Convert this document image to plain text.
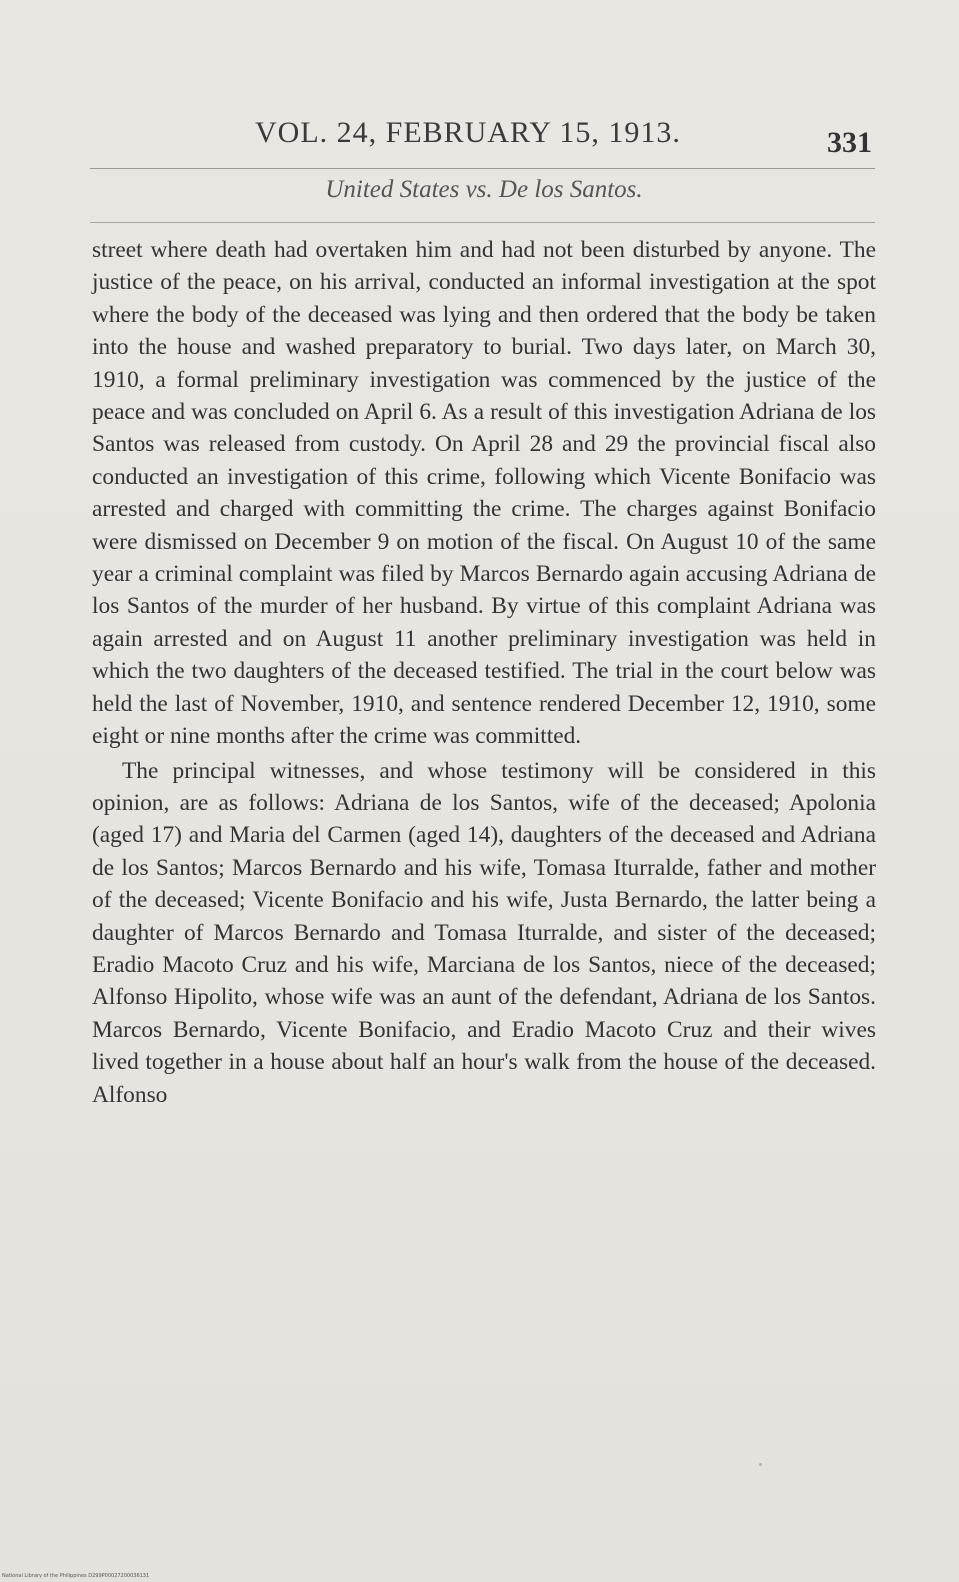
VOL. 24, FEBRUARY 15, 1913.	331
United States vs. De los Santos.

street where death had overtaken him and had not been disturbed by anyone. The justice of the peace, on his arrival, conducted an informal investigation at the spot where the body of the deceased was lying and then ordered that the body be taken into the house and washed preparatory to burial. Two days later, on March 30, 1910, a formal preliminary investigation was commenced by the justice of the peace and was concluded on April 6. As a result of this investigation Adriana de los Santos was released from custody. On April 28 and 29 the provincial fiscal also conducted an investigation of this crime, following which Vicente Bonifacio was arrested and charged with committing the crime. The charges against Bonifacio were dismissed on December 9 on motion of the fiscal. On August 10 of the same year a criminal complaint was filed by Marcos Bernardo again accusing Adriana de los Santos of the murder of her husband. By virtue of this complaint Adriana was again arrested and on August 11 another preliminary investigation was held in which the two daughters of the deceased testified. The trial in the court below was held the last of November, 1910, and sentence rendered December 12, 1910, some eight or nine months after the crime was committed.

The principal witnesses, and whose testimony will be considered in this opinion, are as follows: Adriana de los Santos, wife of the deceased; Apolonia (aged 17) and Maria del Carmen (aged 14), daughters of the deceased and Adriana de los Santos; Marcos Bernardo and his wife, Tomasa Iturralde, father and mother of the deceased; Vicente Bonifacio and his wife, Justa Bernardo, the latter being a daughter of Marcos Bernardo and Tomasa Iturralde, and sister of the deceased; Eradio Macoto Cruz and his wife, Marciana de los Santos, niece of the deceased; Alfonso Hipolito, whose wife was an aunt of the defendant, Adriana de los Santos. Marcos Bernardo, Vicente Bonifacio, and Eradio Macoto Cruz and their wives lived together in a house about half an hour's walk from the house of the deceased. Alfonso

National Library of the Philippines D299P00027200036131
